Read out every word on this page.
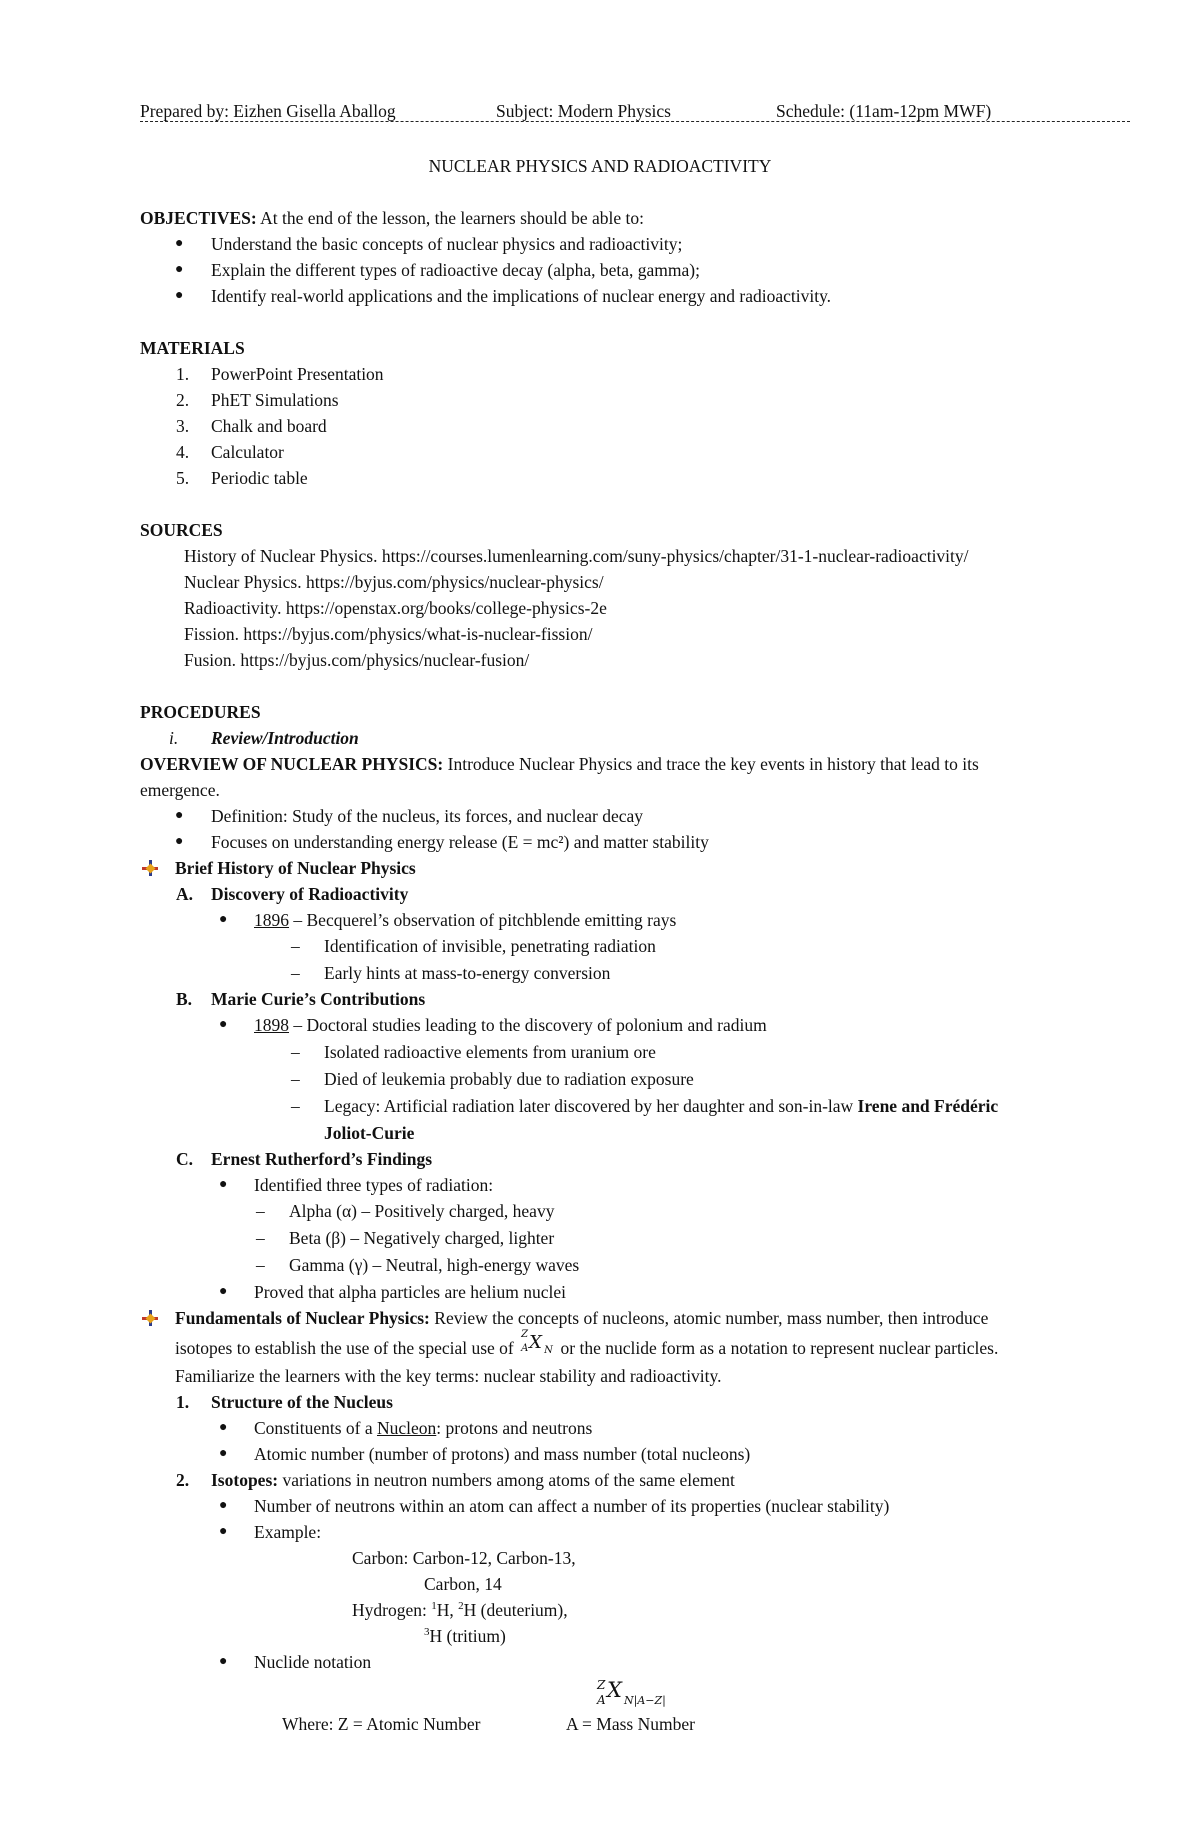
Prepared by: Eizhen Gisella Aballog	Subject: Modern Physics	Schedule: (11am-12pm MWF)
NUCLEAR PHYSICS AND RADIOACTIVITY
OBJECTIVES: At the end of the lesson, the learners should be able to:
● Understand the basic concepts of nuclear physics and radioactivity;
● Explain the different types of radioactive decay (alpha, beta, gamma);
● Identify real-world applications and the implications of nuclear energy and radioactivity.
MATERIALS
1. PowerPoint Presentation
2. PhET Simulations
3. Chalk and board
4. Calculator
5. Periodic table
SOURCES
History of Nuclear Physics. https://courses.lumenlearning.com/suny-physics/chapter/31-1-nuclear-radioactivity/
Nuclear Physics. https://byjus.com/physics/nuclear-physics/
Radioactivity. https://openstax.org/books/college-physics-2e
Fission. https://byjus.com/physics/what-is-nuclear-fission/
Fusion. https://byjus.com/physics/nuclear-fusion/
PROCEDURES
i. Review/Introduction
OVERVIEW OF NUCLEAR PHYSICS: Introduce Nuclear Physics and trace the key events in history that lead to its
emergence.
● Definition: Study of the nucleus, its forces, and nuclear decay
● Focuses on understanding energy release (E = mc²) and matter stability
Brief History of Nuclear Physics
A. Discovery of Radioactivity
● 1896 – Becquerel’s observation of pitchblende emitting rays
– Identification of invisible, penetrating radiation
– Early hints at mass-to-energy conversion
B. Marie Curie’s Contributions
● 1898 – Doctoral studies leading to the discovery of polonium and radium
– Isolated radioactive elements from uranium ore
– Died of leukemia probably due to radiation exposure
– Legacy: Artificial radiation later discovered by her daughter and son-in-law Irene and Frédéric
Joliot-Curie
C. Ernest Rutherford’s Findings
● Identified three types of radiation:
– Alpha (α) – Positively charged, heavy
– Beta (β) – Negatively charged, lighter
– Gamma (γ) – Neutral, high-energy waves
● Proved that alpha particles are helium nuclei
Fundamentals of Nuclear Physics: Review the concepts of nucleons, atomic number, mass number, then introduce
isotopes to establish the use of the special use of
Z
A X N or the nuclide form as a notation to represent nuclear particles.
Familiarize the learners with the key terms: nuclear stability and radioactivity.
1. Structure of the Nucleus
● Constituents of a Nucleon: protons and neutrons
● Atomic number (number of protons) and mass number (total nucleons)
2. Isotopes: variations in neutron numbers among atoms of the same element
● Number of neutrons within an atom can affect a number of its properties (nuclear stability)
● Example:
Carbon: Carbon-12, Carbon-13,
Carbon, 14
Hydrogen: $^1$H, $^2$H (deuterium),
$^3$H (tritium)
● Nuclide notation
Z
A X N|A−Z|
Where: Z = Atomic Number	A = Mass Number
